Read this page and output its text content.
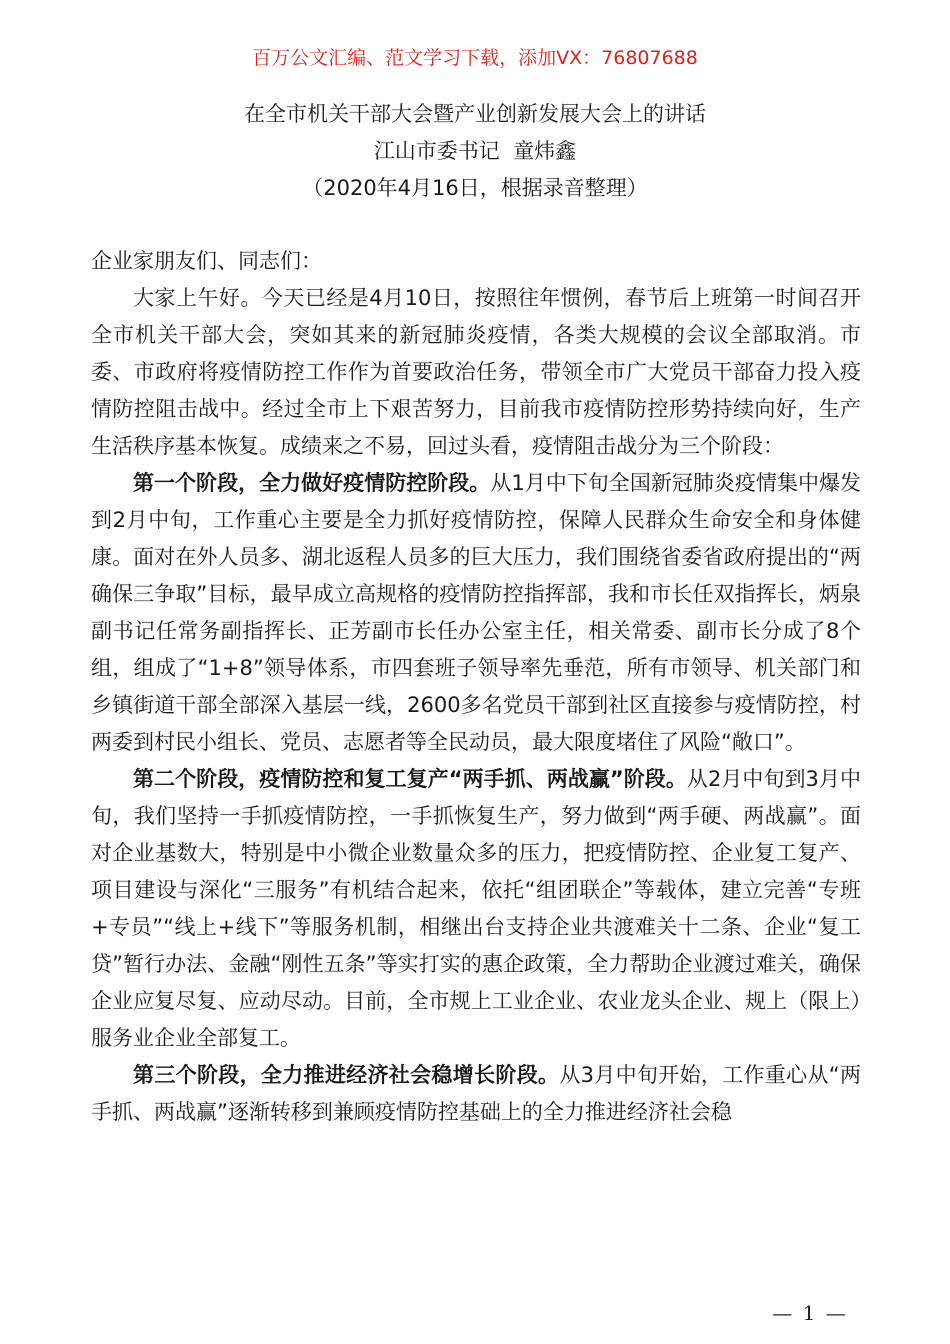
百万公文汇编、范文学习下载，添加VX：76807688
在全市机关干部大会暨产业创新发展大会上的讲话
江山市委书记  童炜鑫
（2020年4月16日，根据录音整理）

企业家朋友们、同志们：

大家上午好。今天已经是4月10日，按照往年惯例，春节后上班第一时间召开全市机关干部大会，突如其来的新冠肺炎疫情，各类大规模的会议全部取消。市委、市政府将疫情防控工作作为首要政治任务，带领全市广大党员干部奋力投入疫情防控阻击战中。经过全市上下艰苦努力，目前我市疫情防控形势持续向好，生产生活秩序基本恢复。成绩来之不易，回过头看，疫情阻击战分为三个阶段：

第一个阶段，全力做好疫情防控阶段。从1月中下旬全国新冠肺炎疫情集中爆发到2月中旬，工作重心主要是全力抓好疫情防控，保障人民群众生命安全和身体健康。面对在外人员多、湖北返程人员多的巨大压力，我们围绕省委省政府提出的“两确保三争取”目标，最早成立高规格的疫情防控指挥部，我和市长任双指挥长，炳泉副书记任常务副指挥长、正芳副市长任办公室主任，相关常委、副市长分成了8个组，组成了“1+8”领导体系，市四套班子领导率先垂范，所有市领导、机关部门和乡镇街道干部全部深入基层一线，2600多名党员干部到社区直接参与疫情防控，村两委到村民小组长、党员、志愿者等全民动员，最大限度堵住了风险“敞口”。

第二个阶段，疫情防控和复工复产“两手抓、两战赢”阶段。从2月中旬到3月中旬，我们坚持一手抓疫情防控，一手抓恢复生产，努力做到“两手硬、两战赢”。面对企业基数大，特别是中小微企业数量众多的压力，把疫情防控、企业复工复产、项目建设与深化“三服务”有机结合起来，依托“组团联企”等载体，建立完善“专班+专员”“线上+线下”等服务机制，相继出台支持企业共渡难关十二条、企业“复工贷”暂行办法、金融“刚性五条”等实打实的惠企政策，全力帮助企业渡过难关，确保企业应复尽复、应动尽动。目前，全市规上工业企业、农业龙头企业、规上（限上）服务业企业全部复工。

第三个阶段，全力推进经济社会稳增长阶段。从3月中旬开始，工作重心从“两手抓、两战赢”逐渐转移到兼顾疫情防控基础上的全力推进经济社会稳

— 1 —
